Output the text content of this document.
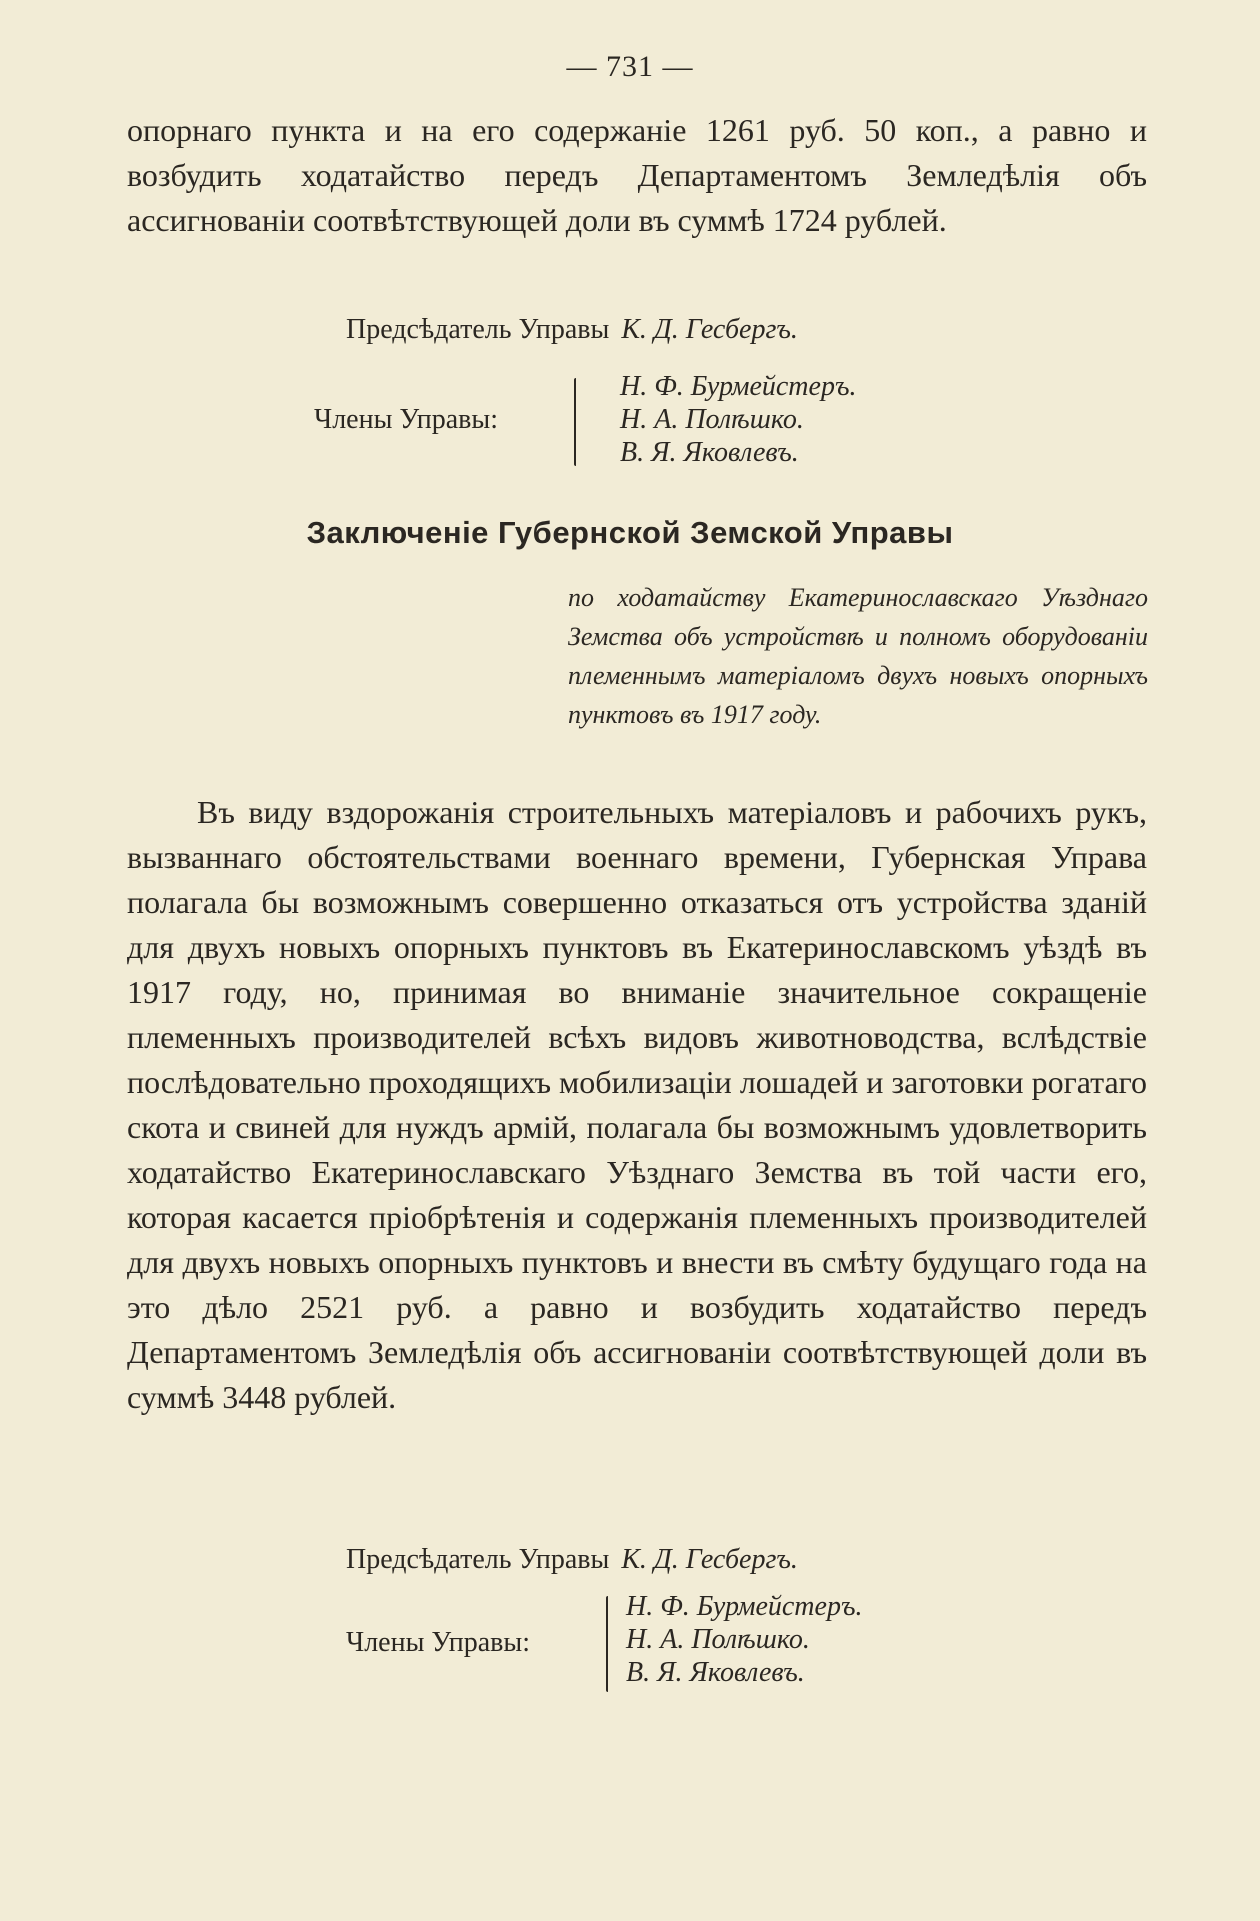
— 731 —

опорнаго пункта и на его содержаніе 1261 руб. 50 коп., а равно и возбудить ходатайство передъ Департаментомъ Земледѣлія объ ассигнованіи соотвѣтствующей доли въ суммѣ 1724 рублей.

Предсѣдатель Управы К. Д. Гесбергъ.
Члены Управы:
Н. Ф. Бурмейстеръ.
Н. А. Полѣшко.
В. Я. Яковлевъ.
Заключеніе Губернской Земской Управы

по ходатайству Екатеринославскаго Уѣзднаго Земства объ устройствѣ и полномъ оборудованіи племеннымъ матеріаломъ двухъ новыхъ опорныхъ пунктовъ въ 1917 году.

Въ виду вздорожанія строительныхъ матеріаловъ и рабочихъ рукъ, вызваннаго обстоятельствами военнаго времени, Губернская Управа полагала бы возможнымъ совершенно отказаться отъ устройства зданій для двухъ новыхъ опорныхъ пунктовъ въ Екатеринославскомъ уѣздѣ въ 1917 году, но, принимая во вниманіе значительное сокращеніе племенныхъ производителей всѣхъ видовъ животноводства, вслѣдствіе послѣдовательно проходящихъ мобилизаціи лошадей и заготовки рогатаго скота и свиней для нуждъ армій, полагала бы возможнымъ удовлетворить ходатайство Екатеринославскаго Уѣзднаго Земства въ той части его, которая касается пріобрѣтенія и содержанія племенныхъ производителей для двухъ новыхъ опорныхъ пунктовъ и внести въ смѣту будущаго года на это дѣло 2521 руб. а равно и возбудить ходатайство передъ Департаментомъ Земледѣлія объ ассигнованіи соотвѣтствующей доли въ суммѣ 3448 рублей.

Предсѣдатель Управы К. Д. Гесбергъ.
Члены Управы:
Н. Ф. Бурмейстеръ.
Н. А. Полѣшко.
В. Я. Яковлевъ.
